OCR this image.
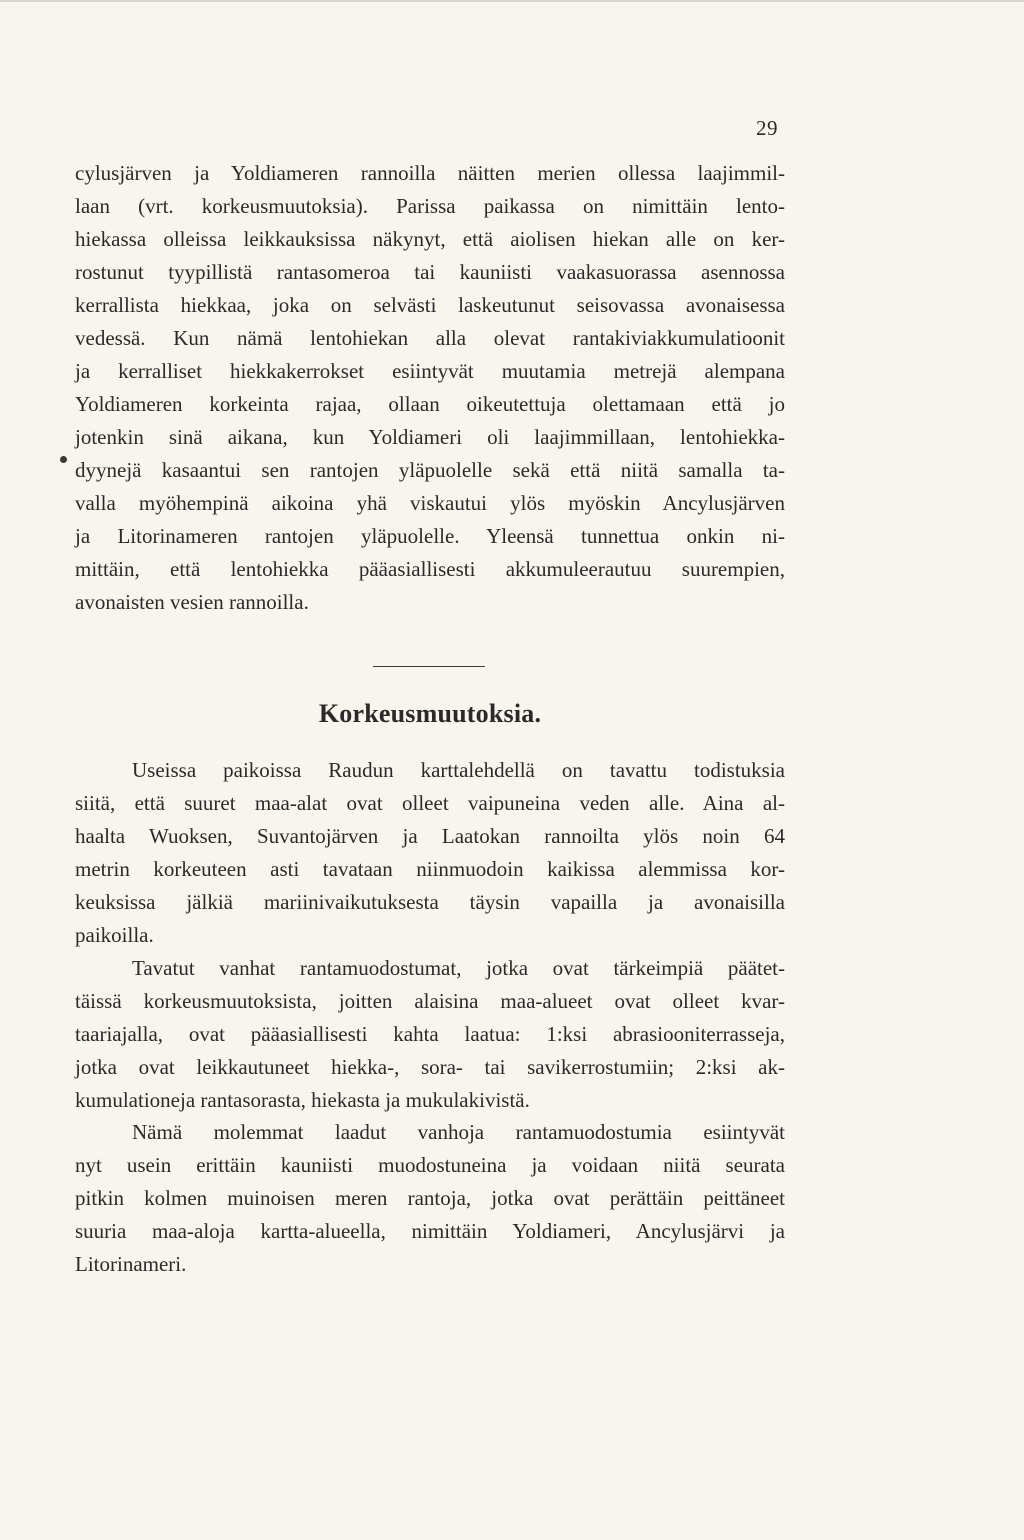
29
cylusjärven ja Yoldiameren rannoilla näitten merien ollessa laajimmil-
laan (vrt. korkeusmuutoksia). Parissa paikassa on nimittäin lento-
hiekassa olleissa leikkauksissa näkynyt, että aiolisen hiekan alle on ker-
rostunut tyypillistä rantasomeroa tai kauniisti vaakasuorassa asennossa
kerrallista hiekkaa, joka on selvästi laskeutunut seisovassa avonaisessa
vedessä. Kun nämä lentohiekan alla olevat rantakiviakkumulatioonit
ja kerralliset hiekkakerrokset esiintyvät muutamia metrejä alempana
Yoldiameren korkeinta rajaa, ollaan oikeutettuja olettamaan että jo
jotenkin sinä aikana, kun Yoldiameri oli laajimmillaan, lentohiekka-
dyynejä kasaantui sen rantojen yläpuolelle sekä että niitä samalla ta-
valla myöhempinä aikoina yhä viskautui ylös myöskin Ancylusjärven
ja Litorinameren rantojen yläpuolelle. Yleensä tunnettua onkin ni-
mittäin, että lentohiekka pääasiallisesti akkumuleerautuu suurempien,
avonaisten vesien rannoilla.
Korkeusmuutoksia.
Useissa paikoissa Raudun karttalehdellä on tavattu todistuksia
siitä, että suuret maa-alat ovat olleet vaipuneina veden alle. Aina al-
haalta Wuoksen, Suvantojärven ja Laatokan rannoilta ylös noin 64
metrin korkeuteen asti tavataan niinmuodoin kaikissa alemmissa kor-
keuksissa jälkiä mariinivaikutuksesta täysin vapailla ja avonaisilla
paikoilla.
Tavatut vanhat rantamuodostumat, jotka ovat tärkeimpiä päätet-
täissä korkeusmuutoksista, joitten alaisina maa-alueet ovat olleet kvar-
taariajalla, ovat pääasiallisesti kahta laatua: 1:ksi abrasiooniterrasseja,
jotka ovat leikkautuneet hiekka-, sora- tai savikerrostumiin; 2:ksi ak-
kumulationeja rantasorasta, hiekasta ja mukulakivistä.
Nämä molemmat laadut vanhoja rantamuodostumia esiintyvät
nyt usein erittäin kauniisti muodostuneina ja voidaan niitä seurata
pitkin kolmen muinoisen meren rantoja, jotka ovat perättäin peittäneet
suuria maa-aloja kartta-alueella, nimittäin Yoldiameri, Ancylusjärvi ja
Litorinameri.
